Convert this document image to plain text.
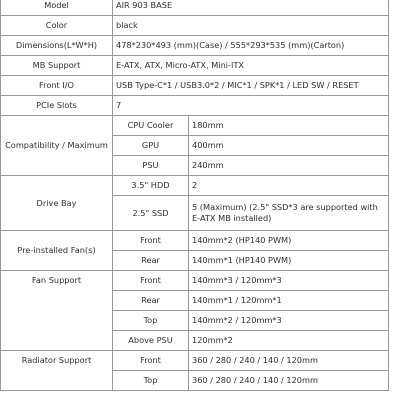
Model	AIR 903 BASE	
Color	black	
Dimensions(L*W*H)	478*230*493 (mm)(Case) / 555*293*535 (mm)(Carton)	
MB Support	E-ATX, ATX, Micro-ATX, Mini-ITX	
Front I/O	USB Type-C*1 / USB3.0*2 / MIC*1 / SPK*1 / LED SW / RESET	
PCIe Slots	7	
Compatibility / Maximum	CPU Cooler	180mm
	GPU	400mm
	PSU	240mm
Drive Bay	3.5" HDD	2
	2.5" SSD	5 (Maximum) (2.5" SSD*3 are supported with E-ATX MB installed)
Pre-installed Fan(s)	Front	140mm*2 (HP140 PWM)
	Rear	140mm*1 (HP140 PWM)
Fan Support	Front	140mm*3 / 120mm*3
	Rear	140mm*1 / 120mm*1
	Top	140mm*2 / 120mm*3
	Above PSU	120mm*2
Radiator Support	Front	360 / 280 / 240 / 140 / 120mm
	Top	360 / 280 / 240 / 140 / 120mm
